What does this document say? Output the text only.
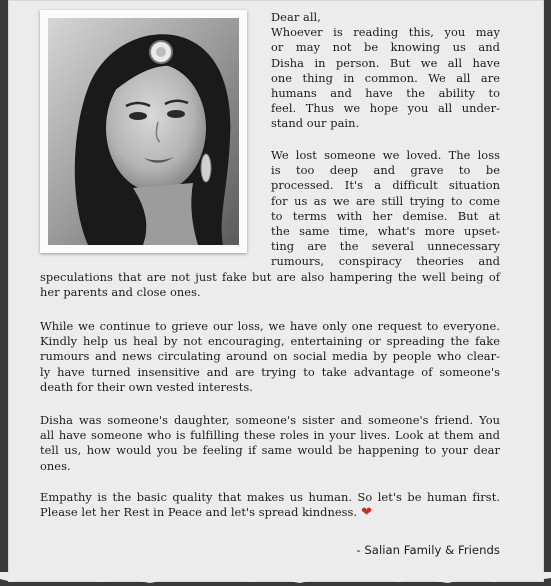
Dear all,
Whoever is reading this, you may
or may not be knowing us and
Disha in person. But we all have
one thing in common. We all are
humans and have the ability to
feel. Thus we hope you all under-
stand our pain.
We lost someone we loved. The loss
is too deep and grave to be
processed. It's a difficult situation
for us as we are still trying to come
to terms with her demise. But at
the same time, what's more upset-
ting are the several unnecessary
rumours, conspiracy theories and
speculations that are not just fake but are also hampering the well being of
her parents and close ones.
While we continue to grieve our loss, we have only one request to everyone.
Kindly help us heal by not encouraging, entertaining or spreading the fake
rumours and news circulating around on social media by people who clear-
ly have turned insensitive and are trying to take advantage of someone's
death for their own vested interests.
Disha was someone's daughter, someone's sister and someone's friend. You
all have someone who is fulfilling these roles in your lives. Look at them and
tell us, how would you be feeling if same would be happening to your dear
ones.
Empathy is the basic quality that makes us human. So let's be human first.
Please let her Rest in Peace and let's spread kindness. ❤
- Salian Family & Friends
